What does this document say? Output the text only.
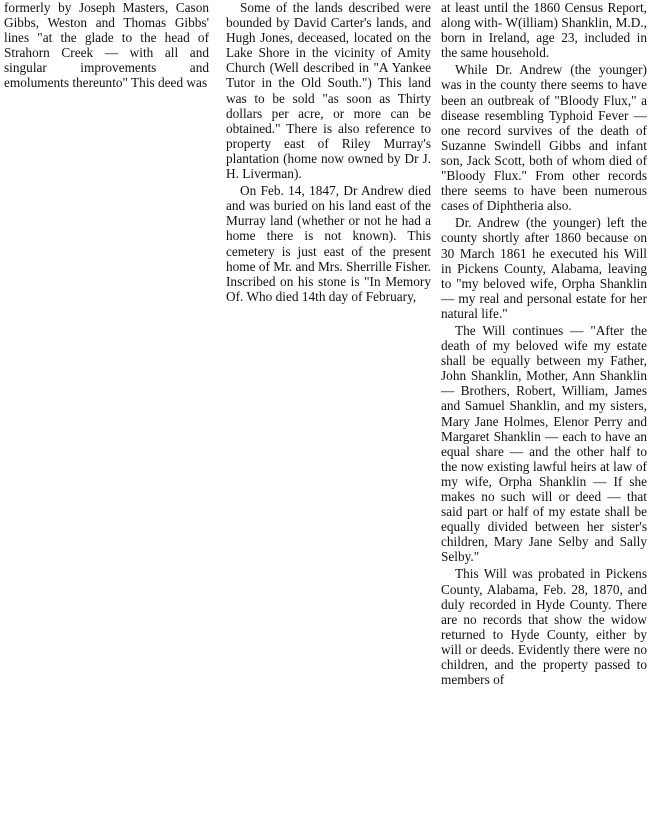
formerly by Joseph Masters, Cason Gibbs, Weston and Thomas Gibbs' lines "at the glade to the head of Strahorn Creek — with all and singular improvements and emoluments thereunto" This deed was

Some of the lands described were bounded by David Carter's lands, and Hugh Jones, deceased, located on the Lake Shore in the vicinity of Amity Church (Well described in "A Yankee Tutor in the Old South.") This land was to be sold "as soon as Thirty dollars per acre, or more can be obtained." There is also reference to property east of Riley Murray's plantation (home now owned by Dr J. H. Liverman).

On Feb. 14, 1847, Dr Andrew died and was buried on his land east of the Murray land (whether or not he had a home there is not known). This cemetery is just east of the present home of Mr. and Mrs. Sherrille Fisher. Inscribed on his stone is "In Memory Of. Who died 14th day of February,

at least until the 1860 Census Report, along with- W(illiam) Shanklin, M.D., born in Ireland, age 23, included in the same household.

While Dr. Andrew (the younger) was in the county there seems to have been an outbreak of "Bloody Flux," a disease resembling Typhoid Fever — one record survives of the death of Suzanne Swindell Gibbs and infant son, Jack Scott, both of whom died of "Bloody Flux." From other records there seems to have been numerous cases of Diphtheria also.

Dr. Andrew (the younger) left the county shortly after 1860 because on 30 March 1861 he executed his Will in Pickens County, Alabama, leaving to "my beloved wife, Orpha Shanklin — my real and personal estate for her natural life."

The Will continues — "After the death of my beloved wife my estate shall be equally between my Father, John Shanklin, Mother, Ann Shanklin — Brothers, Robert, William, James and Samuel Shanklin, and my sisters, Mary Jane Holmes, Elenor Perry and Margaret Shanklin — each to have an equal share — and the other half to the now existing lawful heirs at law of my wife, Orpha Shanklin — If she makes no such will or deed — that said part or half of my estate shall be equally divided between her sister's children, Mary Jane Selby and Sally Selby."

This Will was probated in Pickens County, Alabama, Feb. 28, 1870, and duly recorded in Hyde County. There are no records that show the widow returned to Hyde County, either by will or deeds. Evidently there were no children, and the property passed to members of
